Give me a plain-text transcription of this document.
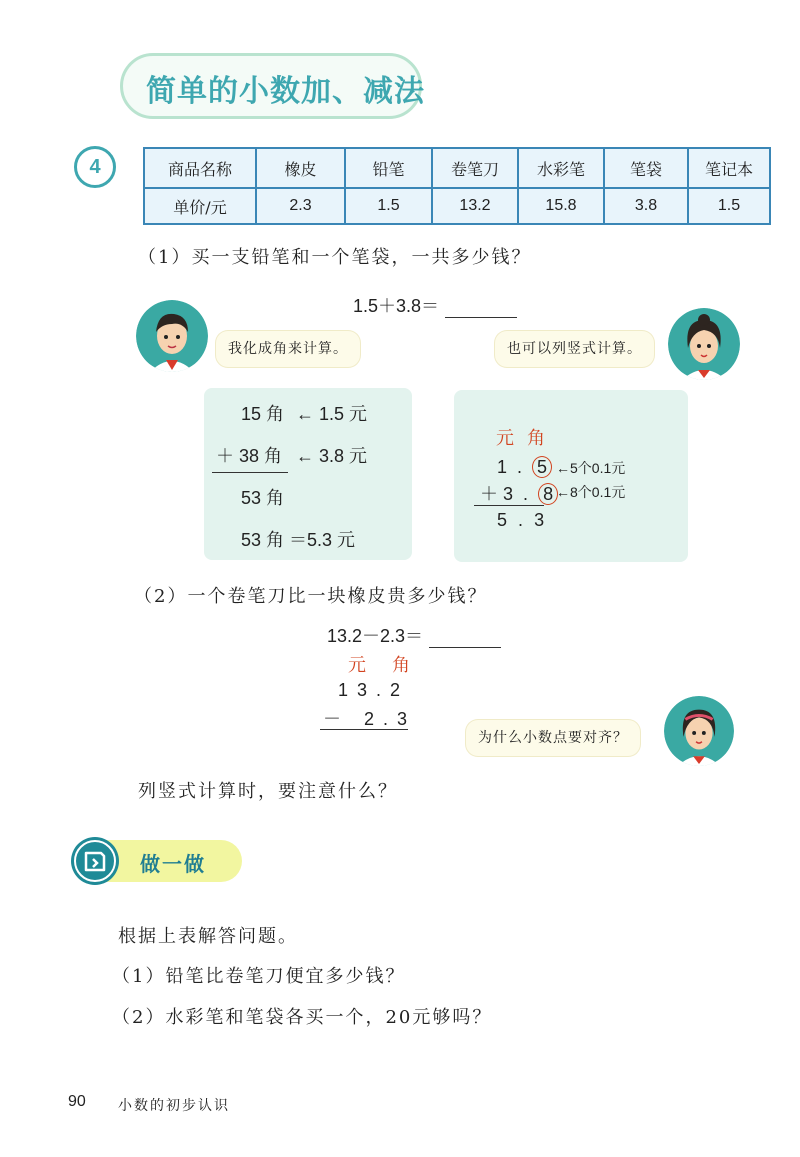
简单的小数加、减法
4	商品名称	橡皮	铅笔	卷笔刀	水彩笔	笔袋	笔记本
单价/元	2.3	1.5	13.2	15.8	3.8	1.5
（1）买一支铅笔和一个笔袋，一共多少钱？
1.5＋3.8＝
我化成角来计算。	也可以列竖式计算。
15 角 ← 1.5 元
＋ 38 角 ← 3.8 元
53 角
53 角 ＝5.3 元
元 角
1 . 5 ←5个0.1元
＋ 3 . 8 ←8个0.1元
5 . 3
（2）一个卷笔刀比一块橡皮贵多少钱？
13.2－2.3＝
元 角
1 3 . 2
－ 2 . 3
为什么小数点要对齐？
列竖式计算时，要注意什么？
做一做
根据上表解答问题。
（1）铅笔比卷笔刀便宜多少钱？
（2）水彩笔和笔袋各买一个，20元够吗？
90 小数的初步认识
